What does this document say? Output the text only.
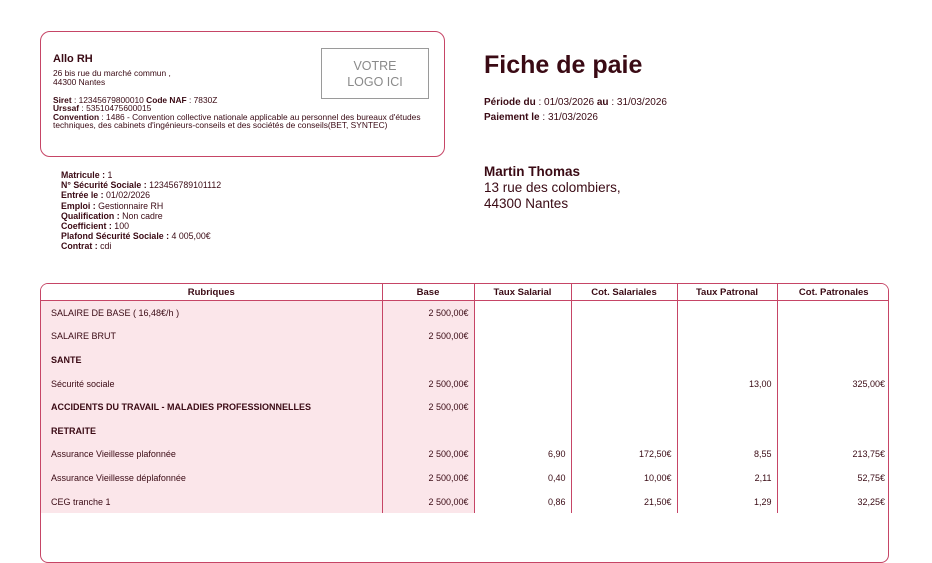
Allo RH
26 bis rue du marché commun ,
44300 Nantes
Siret : 12345679800010 Code NAF : 7830Z
Urssaf : 53510475600015
Convention : 1486 - Convention collective nationale applicable au personnel des bureaux d'études techniques, des cabinets d'ingénieurs-conseils et des sociétés de conseils(BET, SYNTEC)
VOTRE
LOGO ICI
Fiche de paie
Période du : 01/03/2026 au : 31/03/2026
Paiement le : 31/03/2026
Matricule : 1
N° Sécurité Sociale : 123456789101112
Entrée le : 01/02/2026
Emploi : Gestionnaire RH
Qualification : Non cadre
Coefficient : 100
Plafond Sécurité Sociale : 4 005,00€
Contrat : cdi
Martin Thomas
13 rue des colombiers,
44300 Nantes
Rubriques	Base	Taux Salarial	Cot. Salariales	Taux Patronal	Cot. Patronales
SALAIRE DE BASE ( 16,48€/h )	2 500,00€				
SALAIRE BRUT	2 500,00€				
SANTE					
Sécurité sociale	2 500,00€			13,00	325,00€
ACCIDENTS DU TRAVAIL - MALADIES PROFESSIONNELLES	2 500,00€				
RETRAITE					
Assurance Vieillesse plafonnée	2 500,00€	6,90	172,50€	8,55	213,75€
Assurance Vieillesse déplafonnée	2 500,00€	0,40	10,00€	2,11	52,75€
CEG tranche 1	2 500,00€	0,86	21,50€	1,29	32,25€
